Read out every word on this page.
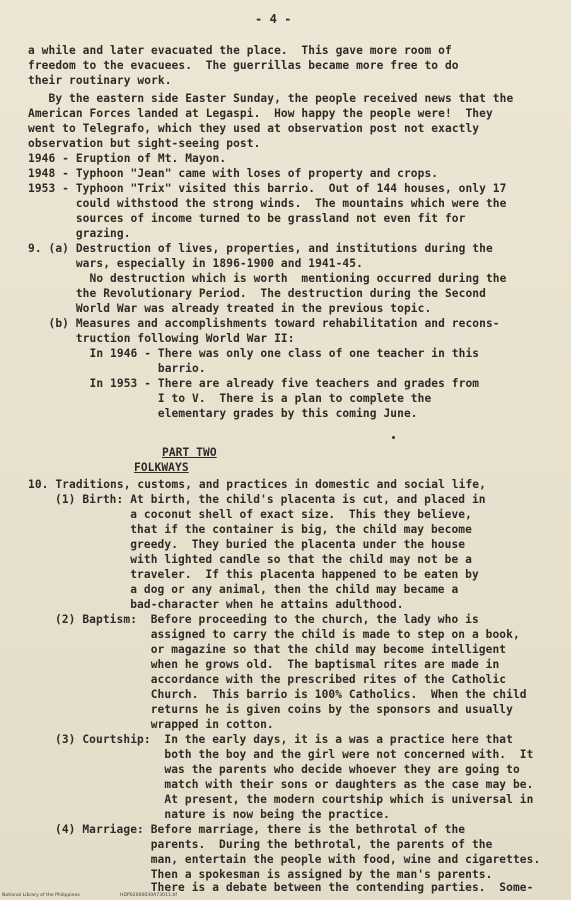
- 4 -
a while and later evacuated the place.  This gave more room of
freedom to the evacuees.  The guerrillas became more free to do
their routinary work.
By the eastern side Easter Sunday, the people received news that the
American Forces landed at Legaspi.  How happy the people were!  They
went to Telegrafo, which they used at observation post not exactly
observation but sight-seeing post.
1946 - Eruption of Mt. Mayon.
1948 - Typhoon "Jean" came with loses of property and crops.
1953 - Typhoon "Trix" visited this barrio.  Out of 144 houses, only 17
could withstood the strong winds.  The mountains which were the
sources of income turned to be grassland not even fit for
grazing.
9. (a) Destruction of lives, properties, and institutions during the
wars, especially in 1896-1900 and 1941-45.
No destruction which is worth  mentioning occurred during the
the Revolutionary Period.  The destruction during the Second
World War was already treated in the previous topic.
(b) Measures and accomplishments toward rehabilitation and recons-
truction following World War II:
In 1946 - There was only one class of one teacher in this
barrio.
In 1953 - There are already five teachers and grades from
I to V.  There is a plan to complete the
elementary grades by this coming June.
PART TWO
FOLKWAYS
10. Traditions, customs, and practices in domestic and social life,
(1) Birth: At birth, the child's placenta is cut, and placed in
a coconut shell of exact size.  This they believe,
that if the container is big, the child may become
greedy.  They buried the placenta under the house
with lighted candle so that the child may not be a
traveler.  If this placenta happened to be eaten by
a dog or any animal, then the child may became a
bad-character when he attains adulthood.
(2) Baptism:  Before proceeding to the church, the lady who is
assigned to carry the child is made to step on a book,
or magazine so that the child may become intelligent
when he grows old.  The baptismal rites are made in
accordance with the prescribed rites of the Catholic
Church.  This barrio is 100% Catholics.  When the child
returns he is given coins by the sponsors and usually
wrapped in cotton.
(3) Courtship:  In the early days, it is a was a practice here that
both the boy and the girl were not concerned with.  It
was the parents who decide whoever they are going to
match with their sons or daughters as the case may be.
At present, the modern courtship which is universal in
nature is now being the practice.
(4) Marriage: Before marriage, there is the bethrotal of the
parents.  During the bethrotal, the parents of the
man, entertain the people with food, wine and cigarettes.
Then a spokesman is assigned by the man's parents.
There is a debate between the contending parties.  Some-
National Library of the Philippines	HDP02000030A73011.tif
